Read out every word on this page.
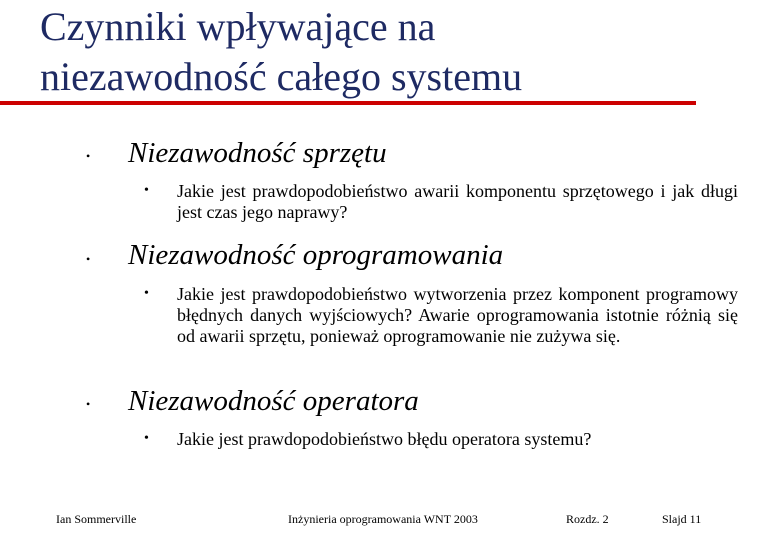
Czynniki wpływające na
niezawodność całego systemu
• Niezawodność sprzętu
• Jakie jest prawdopodobieństwo awarii komponentu sprzętowego i jak długi jest czas jego naprawy?
• Niezawodność oprogramowania
• Jakie jest prawdopodobieństwo wytworzenia przez komponent programowy błędnych danych wyjściowych? Awarie oprogramowania istotnie różnią się od awarii sprzętu, ponieważ oprogramowanie nie zużywa się.
• Niezawodność operatora
• Jakie jest prawdopodobieństwo błędu operatora systemu?
Ian Sommerville	Inżynieria oprogramowania WNT 2003	Rozdz. 2	Slajd 11
